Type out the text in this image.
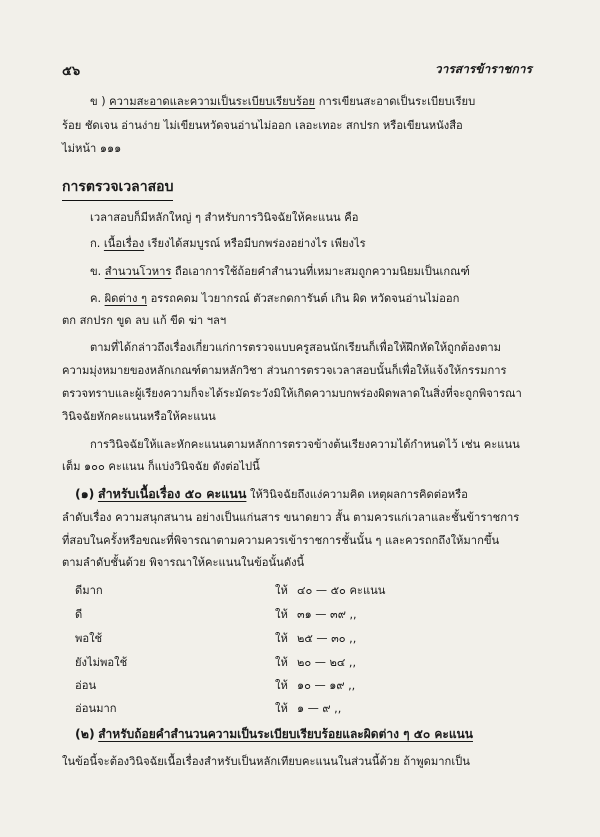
๕๖	วารสารข้าราชการ
ข ) ความสะอาดและความเป็นระเบียบเรียบร้อย การเขียนสะอาดเป็นระเบียบเรียบ
ร้อย ชัดเจน อ่านง่าย ไม่เขียนหวัดจนอ่านไม่ออก เลอะเทอะ สกปรก หรือเขียนหนังสือ
ไม่หน้า ๑๑๑
การตรวจเวลาสอบ
เวลาสอบก็มีหลักใหญ่ ๆ สำหรับการวินิจฉัยให้คะแนน คือ
ก. เนื้อเรื่อง เรียงได้สมบูรณ์ หรือมีบกพร่องอย่างไร เพียงไร
ข. สำนวนโวหาร ถือเอาการใช้ถ้อยคำสำนวนที่เหมาะสมถูกความนิยมเป็นเกณฑ์
ค. ผิดต่าง ๆ อรรถคดม ไวยากรณ์ ตัวสะกดการันต์ เกิน ผิด หวัดจนอ่านไม่ออก
ตก สกปรก ขูด ลบ แก้ ขีด ฆ่า ฯลฯ
ตามที่ได้กล่าวถึงเรื่องเกี่ยวแก่การตรวจแบบครูสอนนักเรียนก็เพื่อให้ฝึกหัดให้ถูกต้องตาม
ความมุ่งหมายของหลักเกณฑ์ตามหลักวิชา ส่วนการตรวจเวลาสอบนั้นก็เพื่อให้แจ้งให้กรรมการ
ตรวจทราบและผู้เรียงความก็จะได้ระมัดระวังมิให้เกิดความบกพร่องผิดพลาดในสิ่งที่จะถูกพิจารณา
วินิจฉัยหักคะแนนหรือให้คะแนน
การวินิจฉัยให้และหักคะแนนตามหลักการตรวจข้างต้นเรียงความได้กำหนดไว้ เช่น คะแนน
เต็ม ๑๐๐ คะแนน ก็แบ่งวินิจฉัย ดังต่อไปนี้
(๑) สำหรับเนื้อเรื่อง ๕๐ คะแนน ให้วินิจฉัยถึงแง่ความคิด เหตุผลการคิดต่อหรือ
ลำดับเรื่อง ความสนุกสนาน อย่างเป็นแก่นสาร ขนาดยาว สั้น ตามควรแก่เวลาและชั้นข้าราชการ
ที่สอบในครั้งหรือขณะที่พิจารณาตามความควรเข้าราชการชั้นนั้น ๆ และควรถกถึงให้มากขึ้น
ตามลำดับชั้นด้วย พิจารณาให้คะแนนในข้อนั้นดังนี้
ดีมาก	ให้ ๔๐ — ๕๐ คะแนน
ดี	ให้ ๓๑ — ๓๙ ,,
พอใช้	ให้ ๒๕ — ๓๐ ,,
ยังไม่พอใช้	ให้ ๒๐ — ๒๔ ,,
อ่อน	ให้ ๑๐ — ๑๙ ,,
อ่อนมาก	ให้ ๑ — ๙ ,,
(๒) สำหรับถ้อยคำสำนวนความเป็นระเบียบเรียบร้อยและผิดต่าง ๆ ๕๐ คะแนน
ในข้อนี้จะต้องวินิจฉัยเนื้อเรื่องสำหรับเป็นหลักเทียบคะแนนในส่วนนี้ด้วย ถ้าพูดมากเป็น
